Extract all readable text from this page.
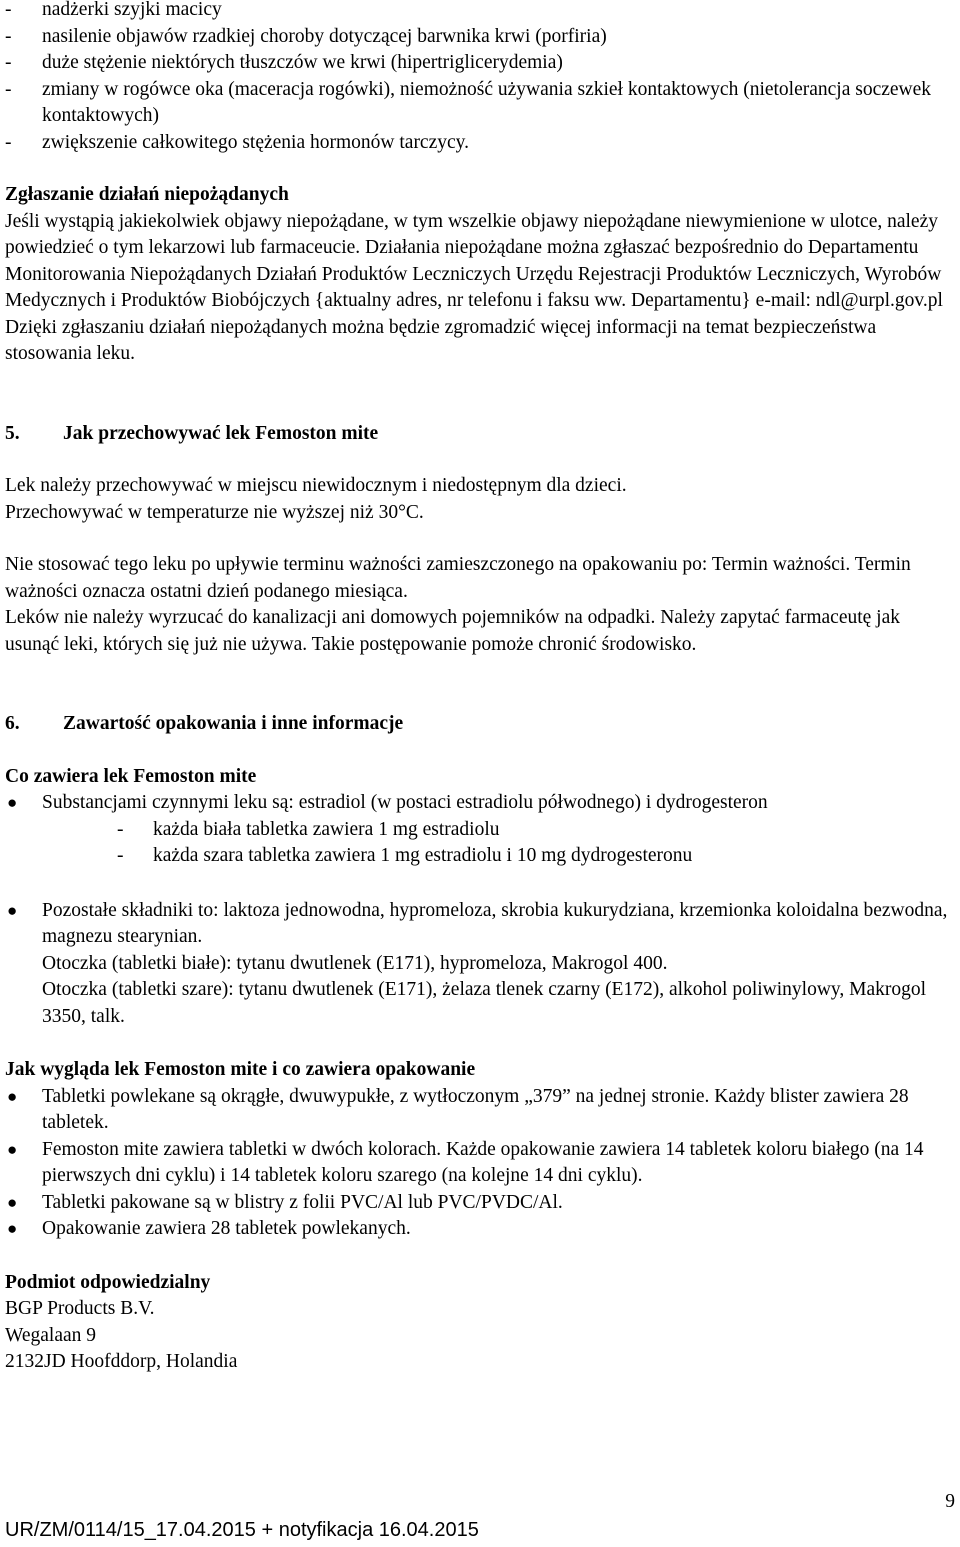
- nadżerki szyjki macicy

- nasilenie objawów rzadkiej choroby dotyczącej barwnika krwi (porfiria)

- duże stężenie niektórych tłuszczów we krwi (hipertriglicerydemia)

- zmiany w rogówce oka (maceracja rogówki), niemożność używania szkieł kontaktowych (nietolerancja soczewek kontaktowych)

- zwiększenie całkowitego stężenia hormonów tarczycy.

Zgłaszanie działań niepożądanych

Jeśli wystąpią jakiekolwiek objawy niepożądane, w tym wszelkie objawy niepożądane niewymienione w ulotce, należy powiedzieć o tym lekarzowi lub farmaceucie. Działania niepożądane można zgłaszać bezpośrednio do Departamentu Monitorowania Niepożądanych Działań Produktów Leczniczych Urzędu Rejestracji Produktów Leczniczych, Wyrobów Medycznych i Produktów Biobójczych {aktualny adres, nr telefonu i faksu ww. Departamentu} e-mail: ndl@urpl.gov.pl

Dzięki zgłaszaniu działań niepożądanych można będzie zgromadzić więcej informacji na temat bezpieczeństwa stosowania leku.

5. Jak przechowywać lek Femoston mite

Lek należy przechowywać w miejscu niewidocznym i niedostępnym dla dzieci.

Przechowywać w temperaturze nie wyższej niż 30°C.

Nie stosować tego leku po upływie terminu ważności zamieszczonego na opakowaniu po: Termin ważności. Termin ważności oznacza ostatni dzień podanego miesiąca.

Leków nie należy wyrzucać do kanalizacji ani domowych pojemników na odpadki. Należy zapytać farmaceutę jak usunąć leki, których się już nie używa. Takie postępowanie pomoże chronić środowisko.

6. Zawartość opakowania i inne informacje

Co zawiera lek Femoston mite

● Substancjami czynnymi leku są: estradiol (w postaci estradiolu półwodnego) i dydrogesteron

- każda biała tabletka zawiera 1 mg estradiolu

- każda szara tabletka zawiera 1 mg estradiolu i 10 mg dydrogesteronu

● Pozostałe składniki to: laktoza jednowodna, hypromeloza, skrobia kukurydziana, krzemionka koloidalna bezwodna, magnezu stearynian.

Otoczka (tabletki białe): tytanu dwutlenek (E171), hypromeloza, Makrogol 400.

Otoczka (tabletki szare): tytanu dwutlenek (E171), żelaza tlenek czarny (E172), alkohol poliwinylowy, Makrogol 3350, talk.

Jak wygląda lek Femoston mite i co zawiera opakowanie

● Tabletki powlekane są okrągłe, dwuwypukłe, z wytłoczonym „379” na jednej stronie. Każdy blister zawiera 28 tabletek.

● Femoston mite zawiera tabletki w dwóch kolorach. Każde opakowanie zawiera 14 tabletek koloru białego (na 14 pierwszych dni cyklu) i 14 tabletek koloru szarego (na kolejne 14 dni cyklu).

● Tabletki pakowane są w blistry z folii PVC/Al lub PVC/PVDC/Al.

● Opakowanie zawiera 28 tabletek powlekanych.

Podmiot odpowiedzialny

BGP Products B.V.

Wegalaan 9

2132JD Hoofddorp, Holandia

9
UR/ZM/0114/15_17.04.2015 + notyfikacja 16.04.2015
